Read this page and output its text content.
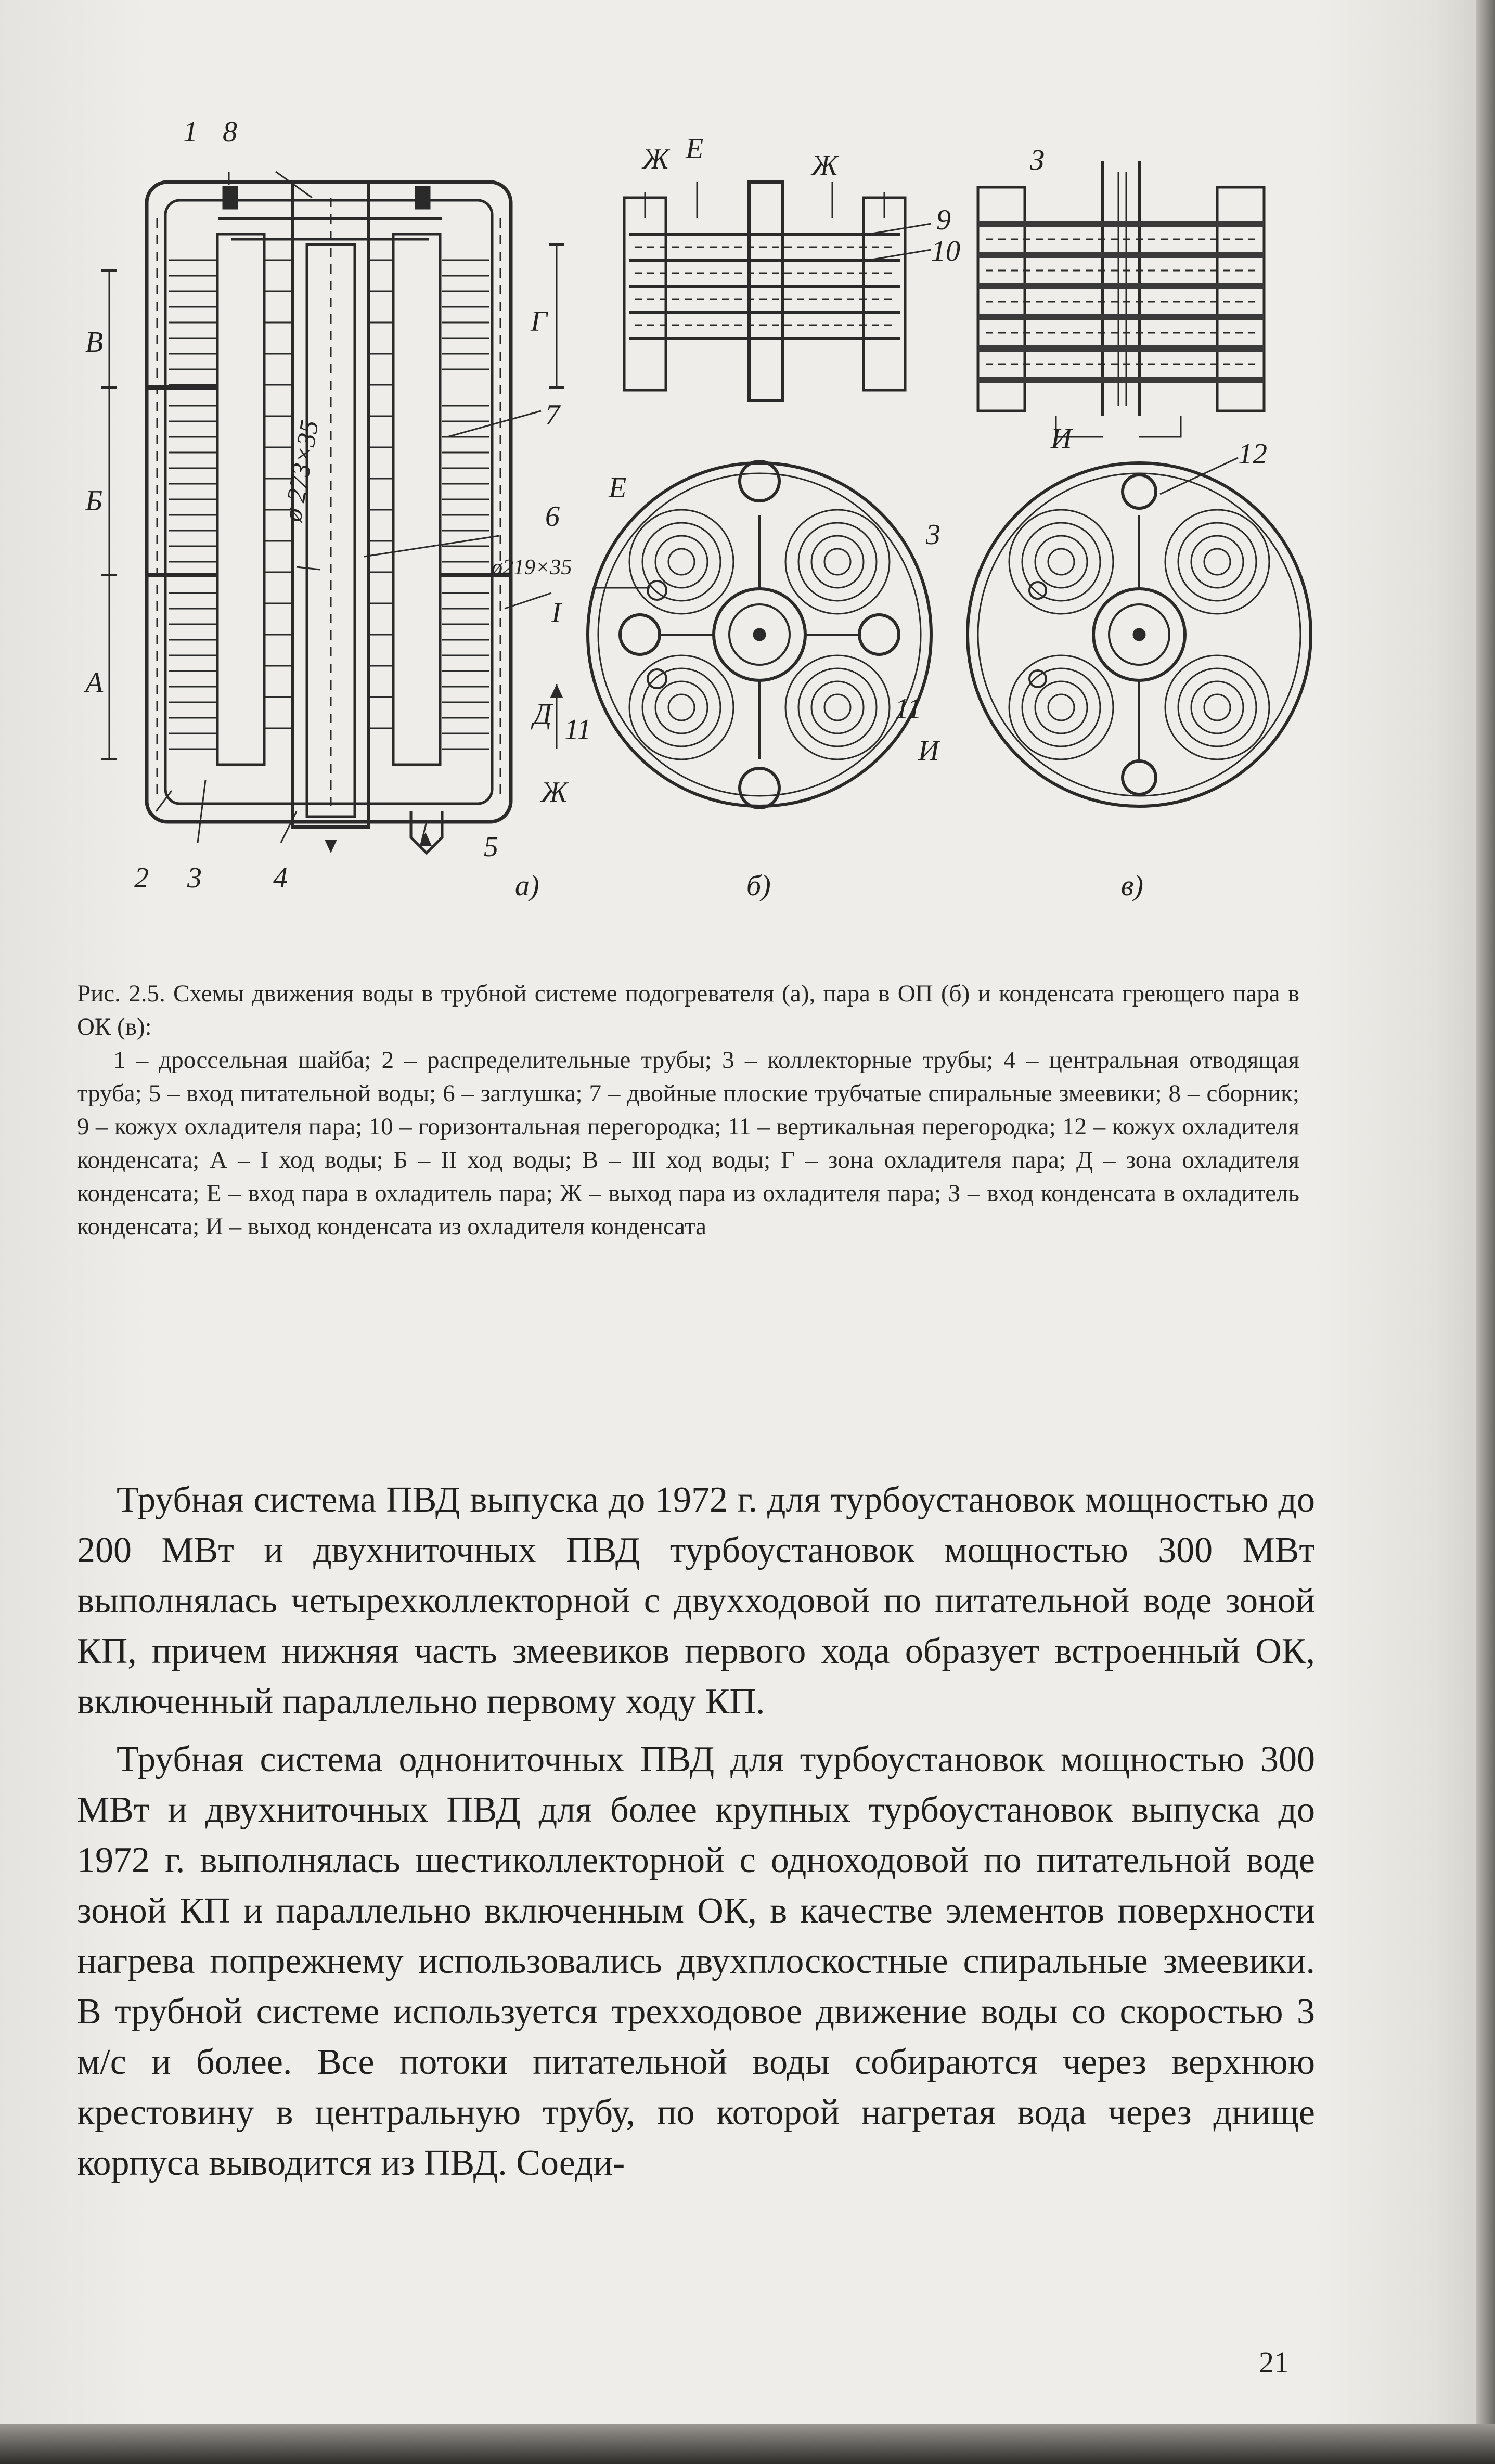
1 8
В
Б
А
Г
7
6
ø 273×35
ø219×35
I
Д 11
Ж
2 3 4
5
а)
Ж Е
Ж
9
10
Е
3
11
И
б)
З
И	12
в)

Рис. 2.5. Схемы движения воды в трубной системе подогревателя (а), пара в ОП (б) и конденсата греющего пара в ОК (в):

1 – дроссельная шайба; 2 – распределительные трубы; 3 – коллекторные трубы; 4 – центральная отводящая труба; 5 – вход питательной воды; 6 – заглушка; 7 – двойные плоские трубчатые спиральные змеевики; 8 – сборник; 9 – кожух охладителя пара; 10 – горизонтальная перегородка; 11 – вертикальная перегородка; 12 – кожух охладителя конденсата; А – I ход воды; Б – II ход воды; В – III ход воды; Г – зона охладителя пара; Д – зона охладителя конденсата; Е – вход пара в охладитель пара; Ж – выход пара из охладителя пара; З – вход конденсата в охладитель конденсата; И – выход конденсата из охладителя конденсата

Трубная система ПВД выпуска до 1972 г. для турбоустановок мощностью до 200 МВт и двухниточных ПВД турбоустановок мощностью 300 МВт выполнялась четырехколлекторной с двухходовой по питательной воде зоной КП, причем нижняя часть змеевиков первого хода образует встроенный ОК, включенный параллельно первому ходу КП.

Трубная система однониточных ПВД для турбоустановок мощностью 300 МВт и двухниточных ПВД для более крупных турбоустановок выпуска до 1972 г. выполнялась шестиколлекторной с одноходовой по питательной воде зоной КП и параллельно включенным ОК, в качестве элементов поверхности нагрева попрежнему использовались двухплоскостные спиральные змеевики. В трубной системе используется трехходовое движение воды со скоростью 3 м/с и более. Все потоки питательной воды собираются через верхнюю крестовину в центральную трубу, по которой нагретая вода через днище корпуса выводится из ПВД. Соеди-

21
